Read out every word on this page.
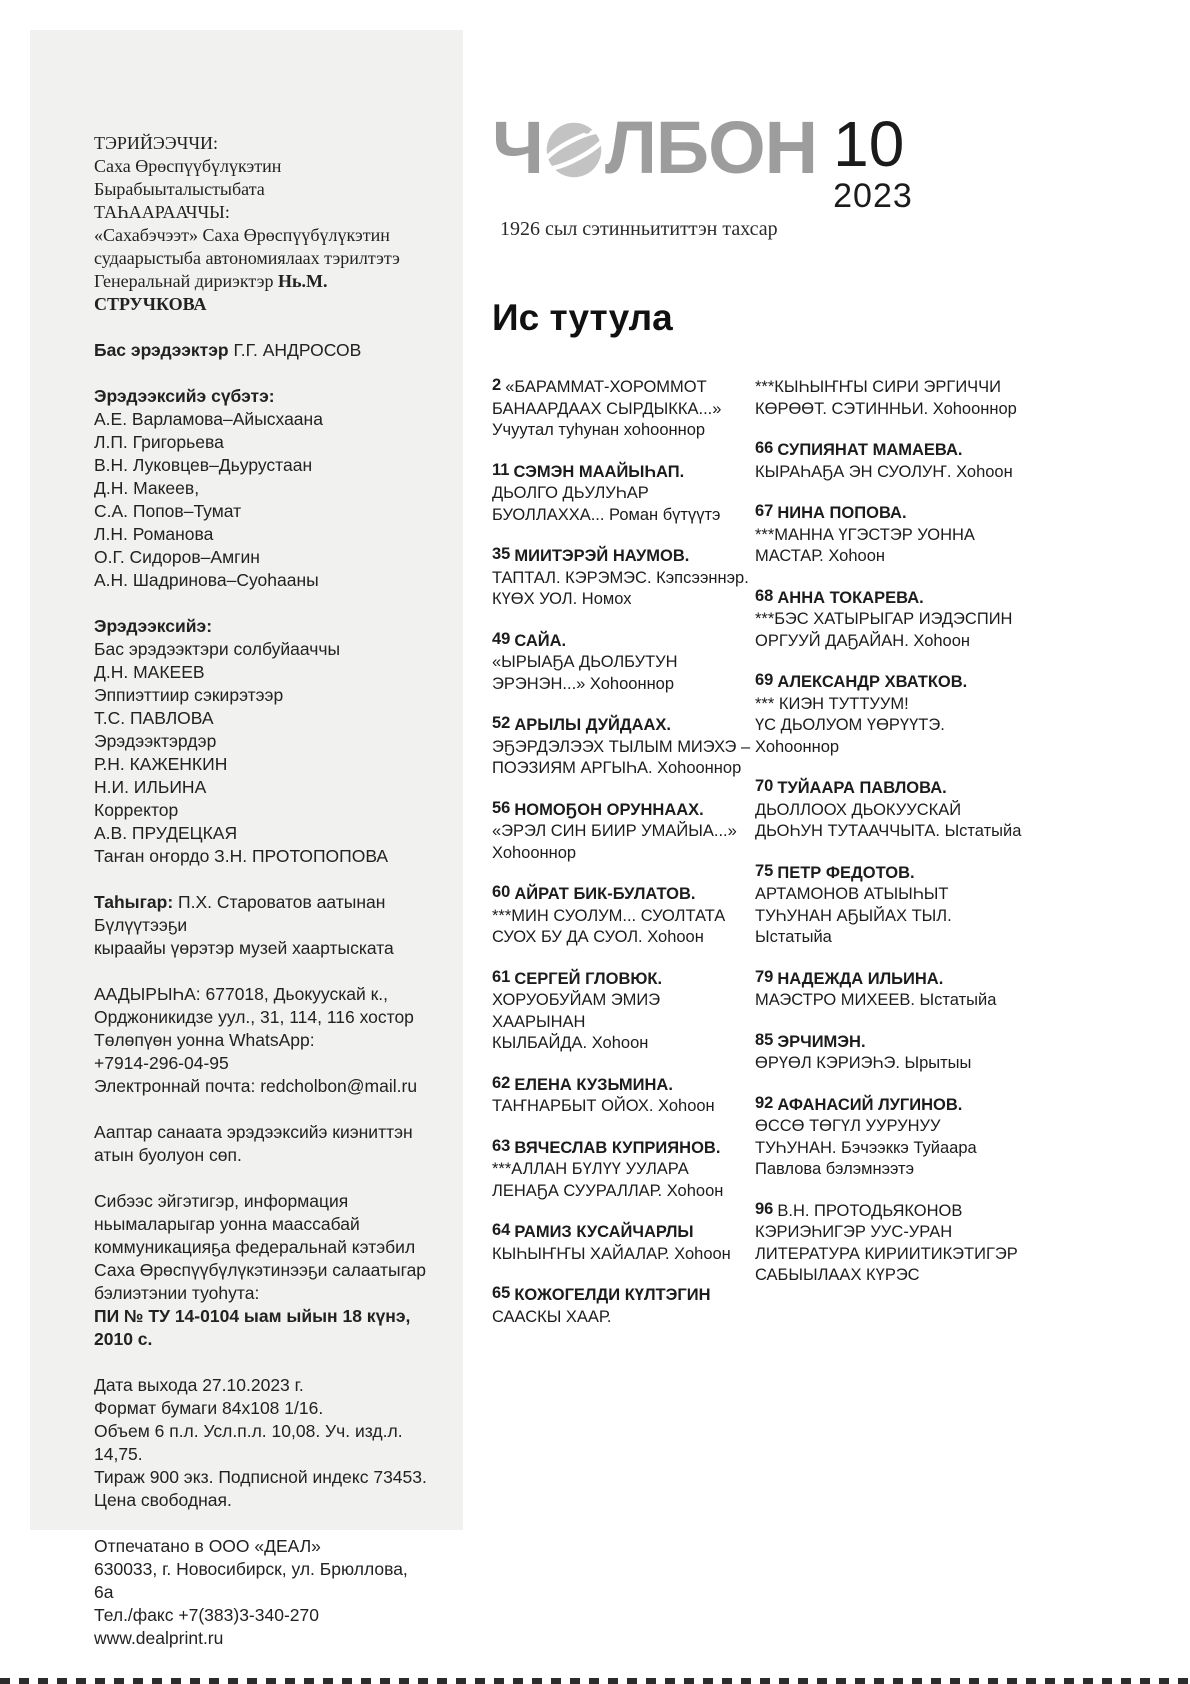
ТЭРИЙЭЭЧЧИ:
Саха Өрөспүүбүлүкэтин Бырабыыталыстыбата
ТАҺААРААЧЧЫ:
«Сахабэчээт» Саха Өрөспүүбүлүкэтин
судаарыстыба автономиялаах тэрилтэтэ
Генеральнай дириэктэр Нь.М. СТРУЧКОВА
Бас эрэдээктэр Г.Г. АНДРОСОВ
Эрэдээксийэ сүбэтэ:
А.Е. Варламова–Айысхаана
Л.П. Григорьева
В.Н. Луковцев–Дьурустаан
Д.Н. Макеев,
С.А. Попов–Тумат
Л.Н. Романова
О.Г. Сидоров–Амгин
А.Н. Шадринова–Суоһааны
Эрэдээксийэ:
Бас эрэдээктэри солбуйааччы
Д.Н. МАКЕЕВ
Эппиэттиир сэкирэтээр
Т.С. ПАВЛОВА
Эрэдээктэрдэр
Р.Н. КАЖЕНКИН
Н.И. ИЛЬИНА
Корректор
А.В. ПРУДЕЦКАЯ
Таҥан оҥордо З.Н. ПРОТОПОПОВА
Таһыгар: П.Х. Староватов аатынан Бүлүүтээҕи
кыраайы үөрэтэр музей хаартыската
ААДЫРЫҺА: 677018, Дьокуускай к.,
Орджоникидзе уул., 31, 114, 116 хостор
Төлөпүөн уонна WhatsApp:
+7914-296-04-95
Электроннай почта: redcholbon@mail.ru
Ааптар санаата эрэдээксийэ киэниттэн
атын буолуон сөп.
Сибээс эйгэтигэр, информация
ньымаларыгар уонна маассабай
коммуникацияҕа федеральнай кэтэбил
Саха Өрөспүүбүлүкэтинээҕи салаатыгар
бэлиэтэнии туоһута:
ПИ № ТУ 14-0104 ыам ыйын 18 күнэ, 2010 с.
Дата выхода 27.10.2023 г.
Формат бумаги 84х108 1/16.
Объем 6 п.л. Усл.п.л. 10,08. Уч. изд.л. 14,75.
Тираж 900 экз. Подписной индекс 73453.
Цена свободная.
Отпечатано в ООО «ДЕАЛ»
630033, г. Новосибирск, ул. Брюллова, 6а
Тел./факс +7(383)3-340-270
www.dealprint.ru
Ч ЛБОН 10
2023
1926 сыл сэтинньититтэн тахсар
Ис тутула
2 «БАРАММАТ-ХОРОММОТ
БАНААРДААХ СЫРДЫККА...»
Учуутал туһунан хоһооннор
11 СЭМЭН МААЙЫҺАП.
ДЬОЛГО ДЬУЛУҺАР
БУОЛЛАХХА... Роман бүтүүтэ
35 МИИТЭРЭЙ НАУМОВ.
ТАПТАЛ. КЭРЭМЭС. Кэпсээннэр.
КҮӨХ УОЛ. Номох
49 САЙА.
«ЫРЫАҔА ДЬОЛБУТУН
ЭРЭНЭН...» Хоһооннор
52 АРЫЛЫ ДУЙДААХ.
ЭҔЭРДЭЛЭЭХ ТЫЛЫМ МИЭХЭ –
ПОЭЗИЯМ АРГЫҺА. Хоһооннор
56 НОМОҔОН ОРУННААХ.
«ЭРЭЛ СИН БИИР УМАЙЫА...»
Хоһооннор
60 АЙРАТ БИК-БУЛАТОВ.
***МИН СУОЛУМ... СУОЛТАТА
СУОХ БУ ДА СУОЛ. Хоһоон
61 СЕРГЕЙ ГЛОВЮК.
ХОРУОБУЙАМ ЭМИЭ ХААРЫНАН
КЫЛБАЙДА. Хоһоон
62 ЕЛЕНА КУЗЬМИНА.
ТАҤНАРБЫТ ОЙОХ. Хоһоон
63 ВЯЧЕСЛАВ КУПРИЯНОВ.
***АЛЛАН БҮЛҮҮ УУЛАРА
ЛЕНАҔА СУУРАЛЛАР. Хоһоон
64 РАМИЗ КУСАЙЧАРЛЫ
КЫҺЫҤҤЫ ХАЙАЛАР. Хоһоон
65 КОЖОГЕЛДИ КҮЛТЭГИН
СААСКЫ ХААР.
***КЫҺЫҤҤЫ СИРИ ЭРГИЧЧИ
КӨРӨӨТ. СЭТИННЬИ. Хоһооннор
66 СУПИЯНАТ МАМАЕВА.
КЫРАҺАҔА ЭН СУОЛУҤ. Хоһоон
67 НИНА ПОПОВА.
***МАННА ҮГЭСТЭР УОННА
МАСТАР. Хоһоон
68 АННА ТОКАРЕВА.
***БЭС ХАТЫРЫГАР ИЭДЭСПИН
ОРГУУЙ ДАҔАЙАН. Хоһоон
69 АЛЕКСАНДР ХВАТКОВ.
*** КИЭН ТУТТУУМ!
ҮС ДЬОЛУОМ ҮӨРҮҮТЭ.
Хоһооннор
70 ТУЙААРА ПАВЛОВА.
ДЬОЛЛООХ ДЬОКУУСКАЙ
ДЬОҺУН ТУТААЧЧЫТА. Ыстатыйа
75 ПЕТР ФЕДОТОВ.
АРТАМОНОВ АТЫЫҺЫТ
ТУҺУНАН АҔЫЙАХ ТЫЛ.
Ыстатыйа
79 НАДЕЖДА ИЛЬИНА.
МАЭСТРО МИХЕЕВ. Ыстатыйа
85 ЭРЧИМЭН.
ӨРҮӨЛ КЭРИЭҺЭ. Ырытыы
92 АФАНАСИЙ ЛУГИНОВ.
ӨССӨ ТӨГҮЛ УУРУНУУ
ТУҺУНАН. Бэчээккэ Туйаара
Павлова бэлэмнээтэ
96 В.Н. ПРОТОДЬЯКОНОВ
КЭРИЭҺИГЭР УУС-УРАН
ЛИТЕРАТУРА КИРИИТИКЭТИГЭР
САБЫЫЛААХ КҮРЭС
